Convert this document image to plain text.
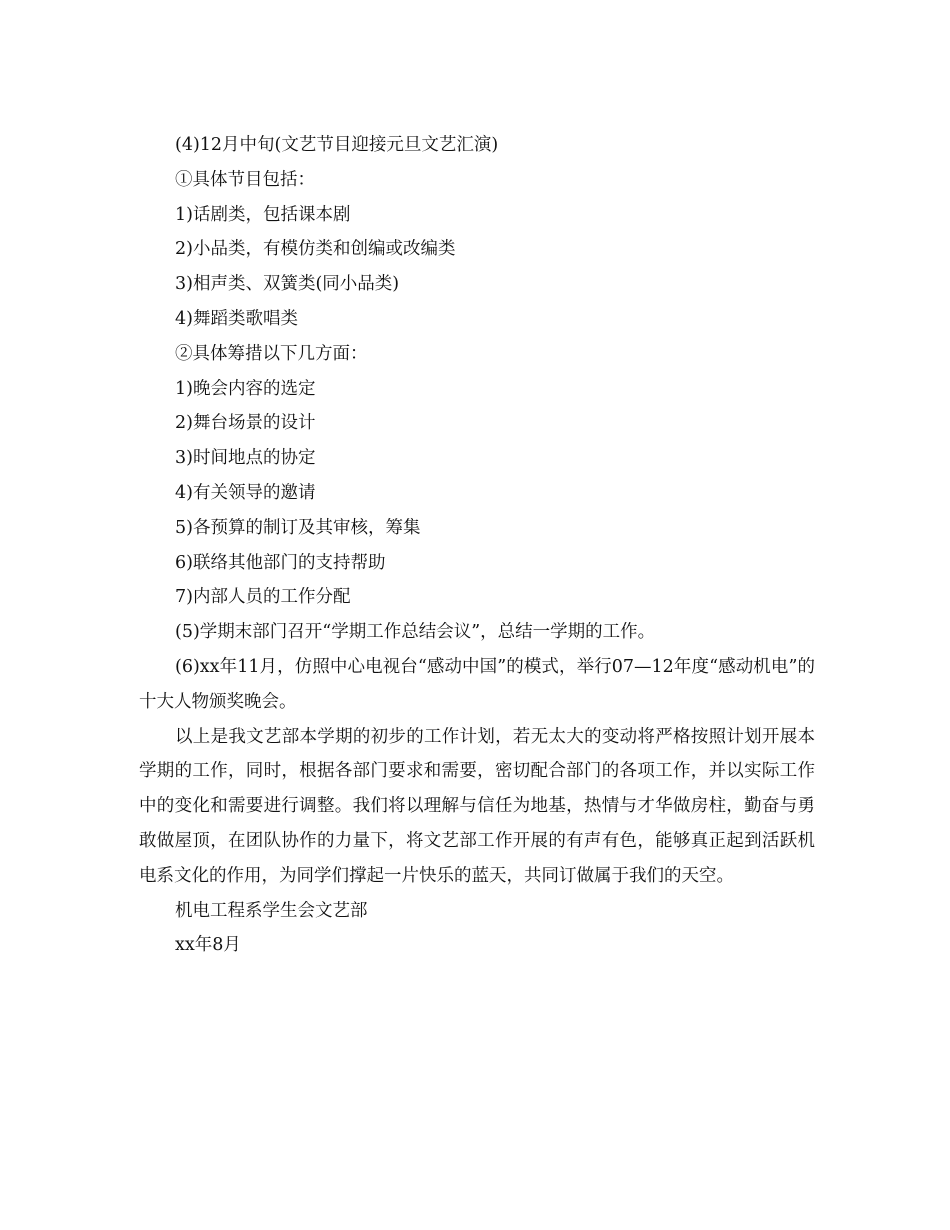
(4)12月中旬(文艺节目迎接元旦文艺汇演)
①具体节目包括：
1)话剧类，包括课本剧
2)小品类，有模仿类和创编或改编类
3)相声类、双簧类(同小品类)
4)舞蹈类歌唱类
②具体筹措以下几方面：
1)晚会内容的选定
2)舞台场景的设计
3)时间地点的协定
4)有关领导的邀请
5)各预算的制订及其审核，筹集
6)联络其他部门的支持帮助
7)内部人员的工作分配
(5)学期末部门召开“学期工作总结会议”，总结一学期的工作。

(6)xx年11月，仿照中心电视台“感动中国”的模式，举行07—12年度“感动机电”的十大人物颁奖晚会。

以上是我文艺部本学期的初步的工作计划，若无太大的变动将严格按照计划开展本学期的工作，同时，根据各部门要求和需要，密切配合部门的各项工作，并以实际工作中的变化和需要进行调整。我们将以理解与信任为地基，热情与才华做房柱，勤奋与勇敢做屋顶，在团队协作的力量下，将文艺部工作开展的有声有色，能够真正起到活跃机电系文化的作用，为同学们撑起一片快乐的蓝天，共同订做属于我们的天空。

机电工程系学生会文艺部
xx年8月
